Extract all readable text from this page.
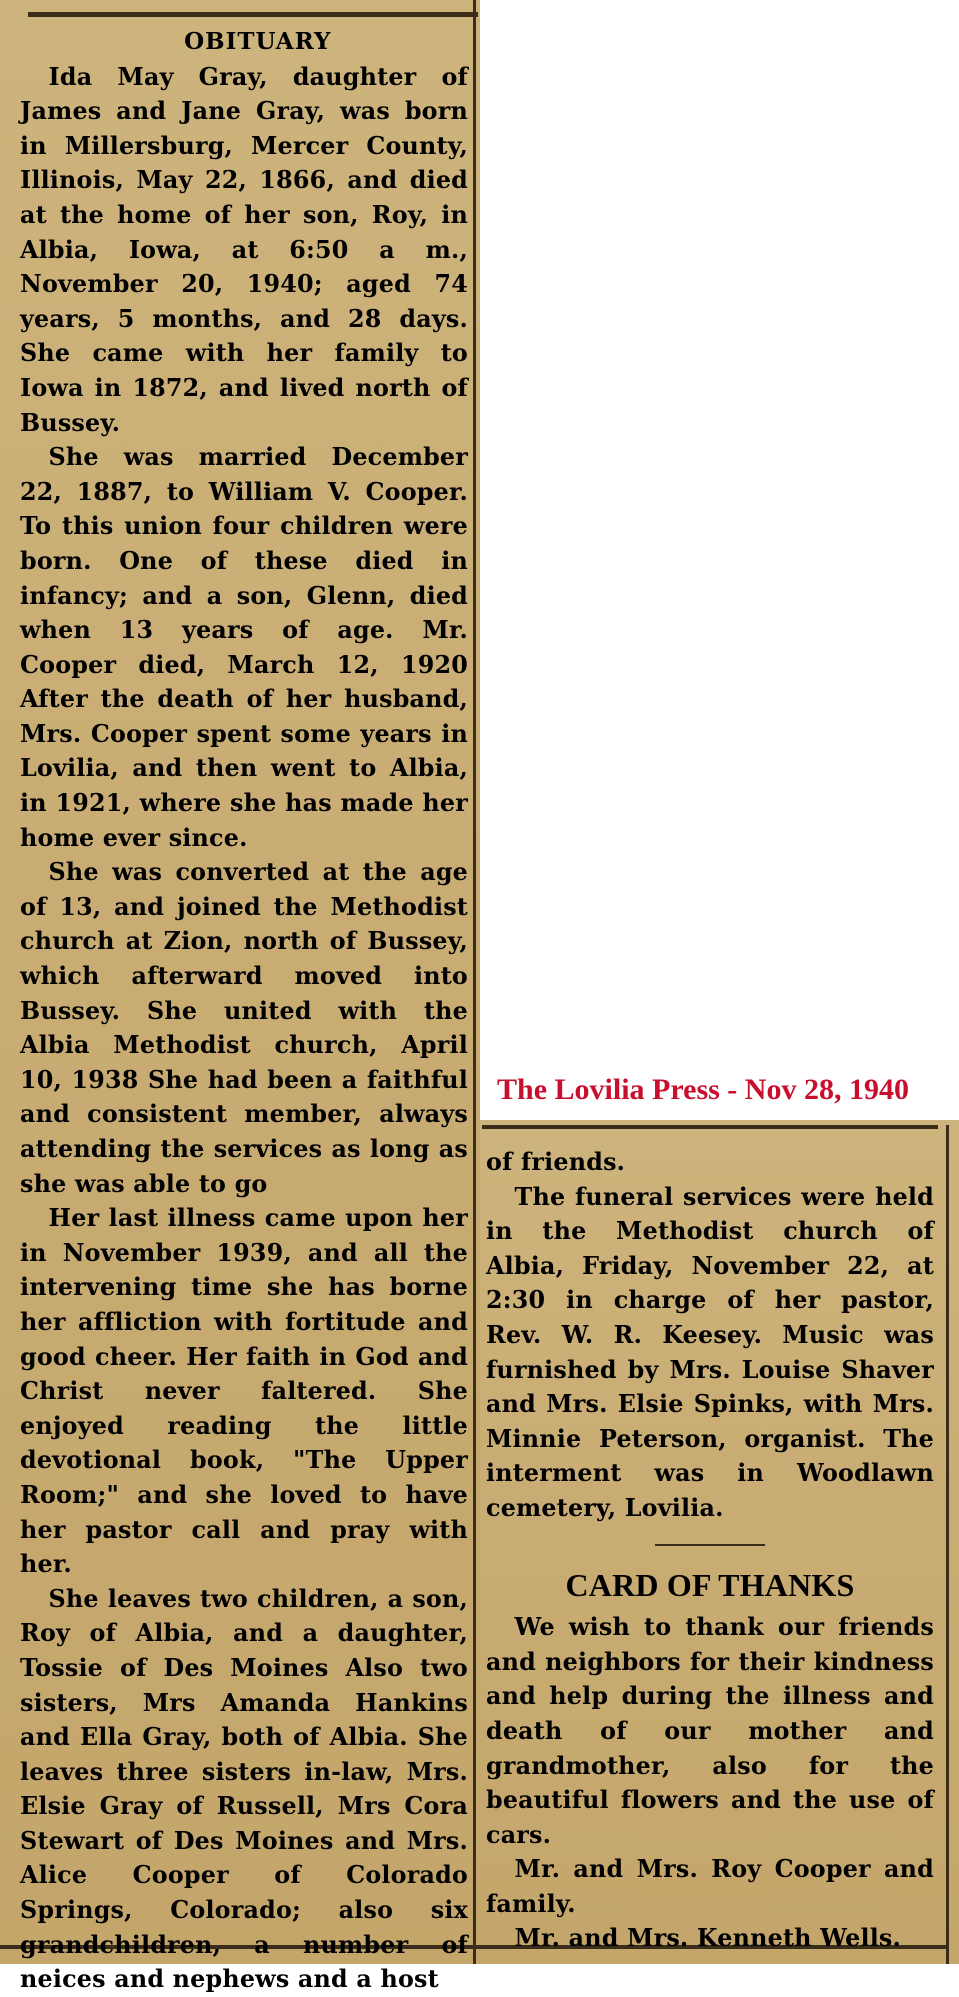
The Lovilia Press - Nov 28, 1940

OBITUARY

Ida May Gray, daughter of James and Jane Gray, was born in Millersburg, Mercer County, Illinois, May 22, 1866, and died at the home of her son, Roy, in Albia, Iowa, at 6:50 a m., November 20, 1940; aged 74 years, 5 months, and 28 days. She came with her family to Iowa in 1872, and lived north of Bussey.

She was married December 22, 1887, to William V. Cooper. To this union four children were born. One of these died in infancy; and a son, Glenn, died when 13 years of age. Mr. Cooper died, March 12, 1920 After the death of her husband, Mrs. Cooper spent some years in Lovilia, and then went to Albia, in 1921, where she has made her home ever since.

She was converted at the age of 13, and joined the Methodist church at Zion, north of Bussey, which afterward moved into Bussey. She united with the Albia Methodist church, April 10, 1938 She had been a faithful and consistent member, always attending the services as long as she was able to go

Her last illness came upon her in November 1939, and all the intervening time she has borne her affliction with fortitude and good cheer. Her faith in God and Christ never faltered. She enjoyed reading the little devotional book, "The Upper Room;" and she loved to have her pastor call and pray with her.

She leaves two children, a son, Roy of Albia, and a daughter, Tossie of Des Moines Also two sisters, Mrs Amanda Hankins and Ella Gray, both of Albia. She leaves three sisters in-law, Mrs. Elsie Gray of Russell, Mrs Cora Stewart of Des Moines and Mrs. Alice Cooper of Colorado Springs, Colorado; also six grandchildren, a number of neices and nephews and a host

of friends.

The funeral services were held in the Methodist church of Albia, Friday, November 22, at 2:30 in charge of her pastor, Rev. W. R. Keesey. Music was furnished by Mrs. Louise Shaver and Mrs. Elsie Spinks, with Mrs. Minnie Peterson, organist. The interment was in Woodlawn cemetery, Lovilia.

CARD OF THANKS

We wish to thank our friends and neighbors for their kindness and help during the illness and death of our mother and grandmother, also for the beautiful flowers and the use of cars.

Mr. and Mrs. Roy Cooper and family.

Mr. and Mrs. Kenneth Wells.
